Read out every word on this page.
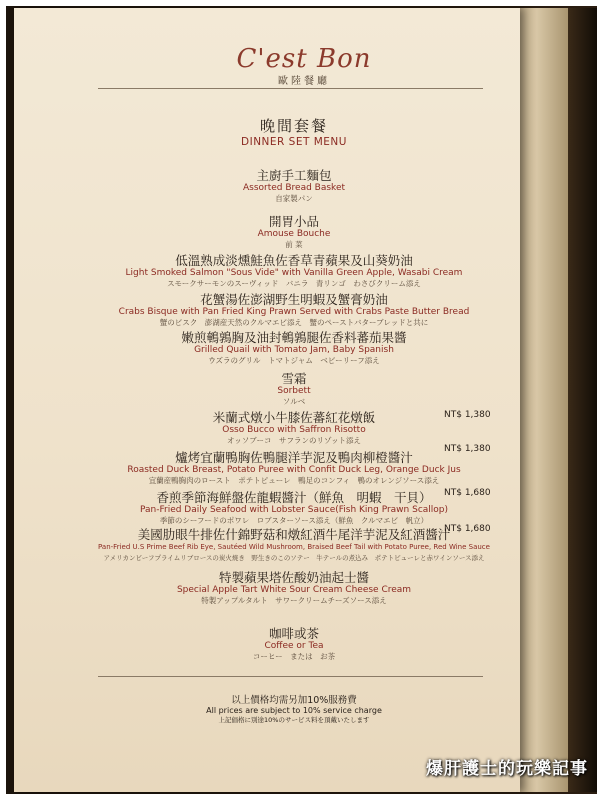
C'est Bon
歐陸餐廳
晚間套餐
DINNER SET MENU
主廚手工麵包
Assorted Bread Basket
自家製パン
開胃小品
Amouse Bouche
前 菜
低溫熟成淡燻鮭魚佐香草青蘋果及山葵奶油
Light Smoked Salmon "Sous Vide" with Vanilla Green Apple, Wasabi Cream
スモークサーモンのスーヴィッド　バニラ　青リンゴ　わさびクリーム添え
花蟹湯佐澎湖野生明蝦及蟹膏奶油
Crabs Bisque with Pan Fried King Prawn Served with Crabs Paste Butter Bread
蟹のビスク　澎湖産天然のクルマエビ添え　蟹のペーストバターブレッドと共に
嫩煎鵪鶉胸及油封鵪鶉腿佐香料蕃茄果醬
Grilled Quail with Tomato Jam, Baby Spanish
ウズラのグリル　トマトジャム　ベビーリーフ添え
雪霜
Sorbett
ソルベ
米蘭式燉小牛膝佐蕃紅花燉飯
Osso Bucco with Saffron Risotto
オッソブーコ　サフランのリゾット添え
NT$ 1,380
爐烤宜蘭鴨胸佐鴨腿洋芋泥及鴨肉柳橙醬汁
Roasted Duck Breast, Potato Puree with Confit Duck Leg, Orange Duck Jus
宜蘭産鴨胸肉のロースト　ポテトピューレ　鴨足のコンフィ　鴨のオレンジソース添え
NT$ 1,380
香煎季節海鮮盤佐龍蝦醬汁（鮮魚　明蝦　干貝）
Pan-Fried Daily Seafood with Lobster Sauce(Fish King Prawn Scallop)
季節のシーフードのポワレ　ロブスターソース添え（鮮魚　クルマエビ　帆立）
NT$ 1,680
美國肋眼牛排佐什錦野菇和燉紅酒牛尾洋芋泥及紅酒醬汁
Pan-Fried U.S Prime Beef Rib Eye, Sautéed Wild Mushroom, Braised Beef Tail with Potato Puree, Red Wine Sauce
アメリカンビーフプライムリブロースの炭火焼き　野生きのこのソテー　牛テールの煮込み　ポテトピューレと赤ワインソース添え
NT$ 1,680
特製蘋果塔佐酸奶油起士醬
Special Apple Tart White Sour Cream Cheese Cream
特製アップルタルト　サワークリームチーズソース添え
咖啡或茶
Coffee or Tea
コーヒー　または　お茶
以上價格均需另加10%服務費
All prices are subject to 10% service charge
上記価格に別途10%のサービス料を頂戴いたします
爆肝護士的玩樂記事
